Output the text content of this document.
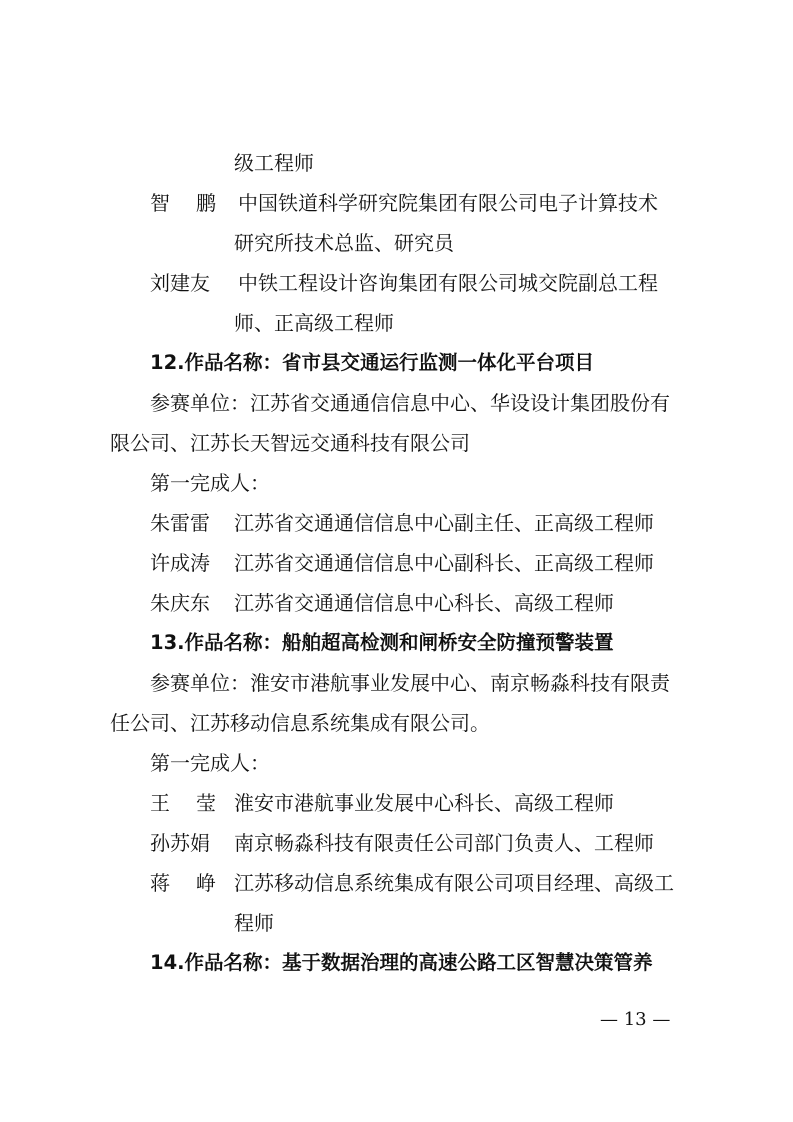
级工程师
智鹏中国铁道科学研究院集团有限公司电子计算技术
研究所技术总监、研究员
刘建友 中铁工程设计咨询集团有限公司城交院副总工程
师、正高级工程师
12.作品名称：省市县交通运行监测一体化平台项目
参赛单位：江苏省交通通信信息中心、华设设计集团股份有
限公司、江苏长天智远交通科技有限公司
第一完成人：
朱雷雷 江苏省交通通信信息中心副主任、正高级工程师
许成涛 江苏省交通通信信息中心副科长、正高级工程师
朱庆东 江苏省交通通信信息中心科长、高级工程师
13.作品名称：船舶超高检测和闸桥安全防撞预警装置
参赛单位：淮安市港航事业发展中心、南京畅淼科技有限责
任公司、江苏移动信息系统集成有限公司。
第一完成人：
王莹淮安市港航事业发展中心科长、高级工程师
孙苏娟 南京畅淼科技有限责任公司部门负责人、工程师
蒋峥江苏移动信息系统集成有限公司项目经理、高级工
程师
14.作品名称：基于数据治理的高速公路工区智慧决策管养
— 13 —
